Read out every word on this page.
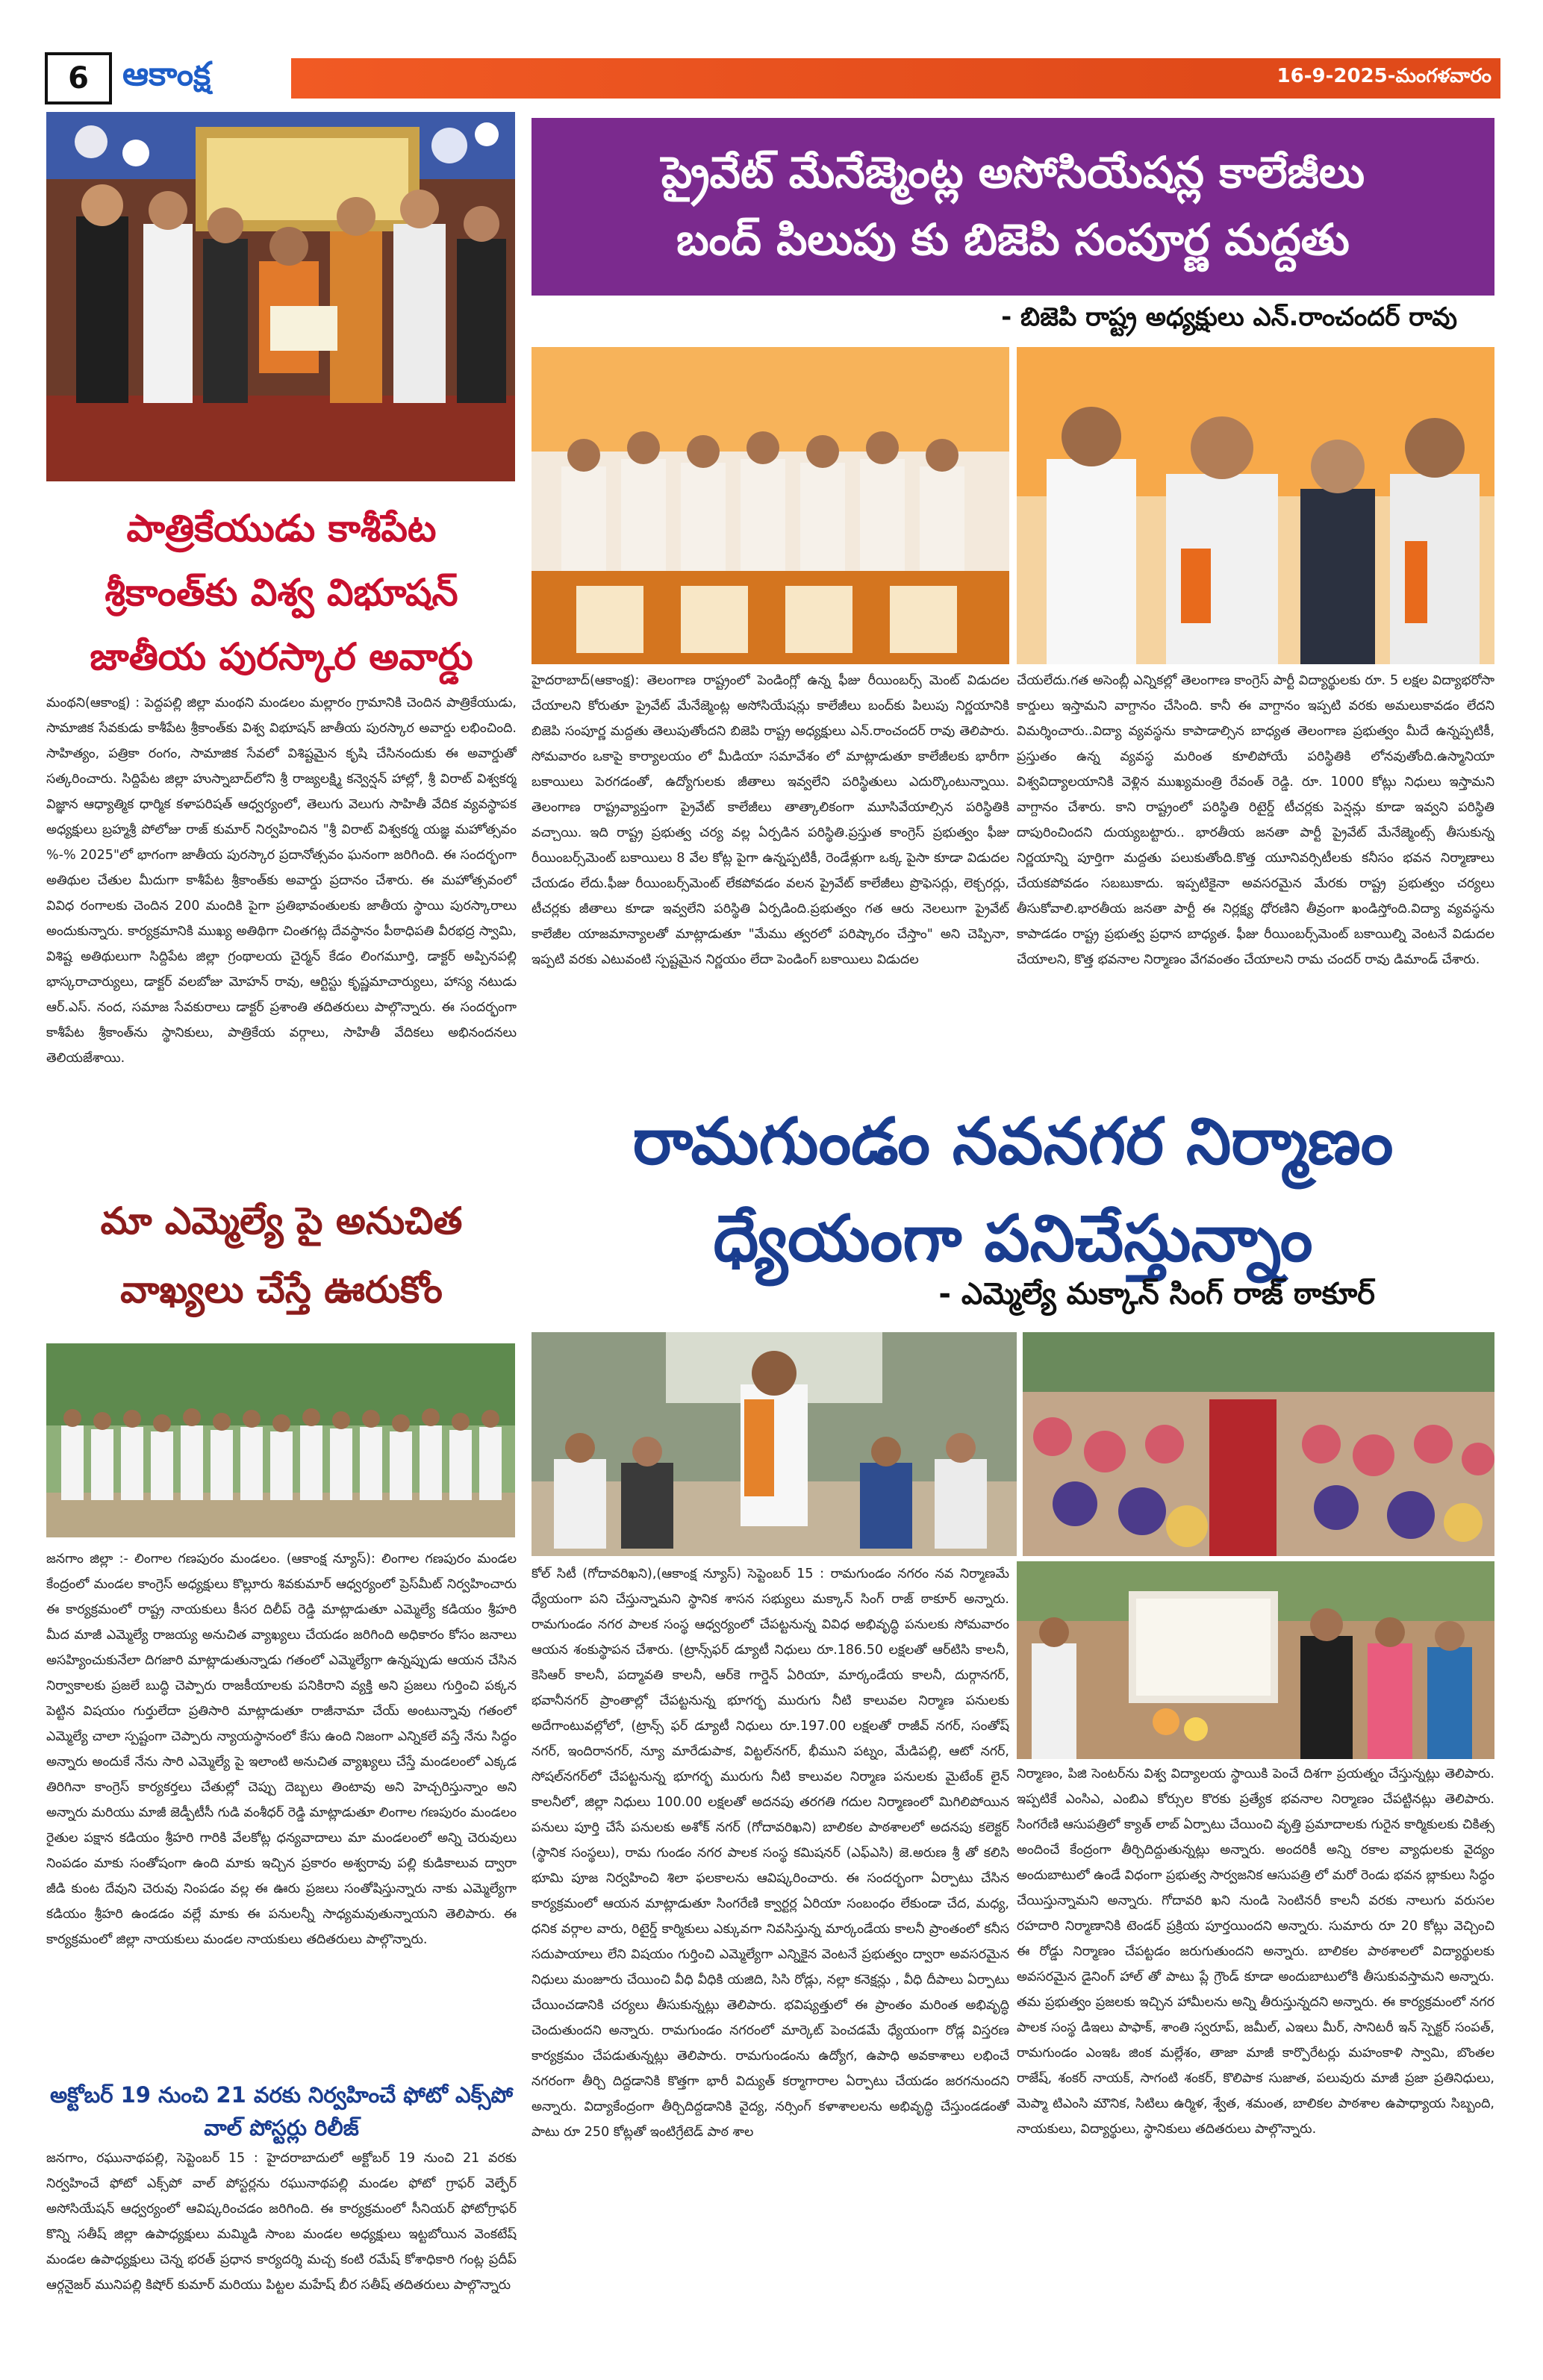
6	ఆకాంక్ష	16-9-2025-మంగళవారం
పాత్రికేయుడు కాశీపేట
శ్రీకాంత్‌కు విశ్వ విభూషన్
జాతీయ పురస్కార అవార్డు
మంథని(ఆకాంక్ష) : పెద్దపల్లి జిల్లా మంథని మండలం మల్లారం గ్రామానికి చెందిన పాత్రికేయుడు, సామాజిక సేవకుడు కాశీపేట శ్రీకాంత్‌కు విశ్వ విభూషన్ జాతీయ పురస్కార అవార్డు లభించింది. సాహిత్యం, పత్రికా రంగం, సామాజిక సేవలో విశిష్టమైన కృషి చేసినందుకు ఈ అవార్డుతో సత్కరించారు. సిద్దిపేట జిల్లా హుస్నాబాద్‌లోని శ్రీ రాజ్యలక్ష్మి కన్వెన్షన్ హాల్లో, శ్రీ విరాట్ విశ్వకర్మ విజ్ఞాన ఆధ్యాత్మిక ధార్మిక కళాపరిషత్ ఆధ్వర్యంలో, తెలుగు వెలుగు సాహితీ వేదిక వ్యవస్థాపక అధ్యక్షులు బ్రహ్మశ్రీ పోలోజు రాజ్ కుమార్ నిర్వహించిన "శ్రీ విరాట్ విశ్వకర్మ యజ్ఞ మహోత్సవం %-% 2025"లో భాగంగా జాతీయ పురస్కార ప్రదానోత్సవం ఘనంగా జరిగింది. ఈ సందర్భంగా అతిథుల చేతుల మీదుగా కాశీపేట శ్రీకాంత్‌కు అవార్డు ప్రదానం చేశారు. ఈ మహోత్సవంలో వివిధ రంగాలకు చెందిన 200 మందికి పైగా ప్రతిభావంతులకు జాతీయ స్థాయి పురస్కారాలు అందుకున్నారు. కార్యక్రమానికి ముఖ్య అతిథిగా చింతగట్ల దేవస్థానం పీఠాధిపతి వీరభద్ర స్వామి, విశిష్ట అతిథులుగా సిద్దిపేట జిల్లా గ్రంథాలయ చైర్మన్ కేడం లింగమూర్తి, డాక్టర్ అప్పినపల్లి భాస్కరాచార్యులు, డాక్టర్ వలబోజు మోహన్ రావు, ఆర్టిస్టు కృష్ణమాచార్యులు, హాస్య నటుడు ఆర్.ఎస్. నంద, సమాజ సేవకురాలు డాక్టర్ ప్రశాంతి తదితరులు పాల్గొన్నారు. ఈ సందర్భంగా కాశీపేట శ్రీకాంత్‌ను స్థానికులు, పాత్రికేయ వర్గాలు, సాహితీ వేదికలు అభినందనలు తెలియజేశాయి.
మా ఎమ్మెల్యే పై అనుచిత
వాఖ్యలు చేస్తే ఊరుకోం
జనగాం జిల్లా :- లింగాల గణపురం మండలం. (ఆకాంక్ష న్యూస్): లింగాల గణపురం మండల కేంద్రంలో మండల కాంగ్రెస్ అధ్యక్షులు కొల్లూరు శివకుమార్ ఆధ్వర్యంలో ప్రెస్‌మీట్ నిర్వహించారు ఈ కార్యక్రమంలో రాష్ట్ర నాయకులు కీసర దిలీప్ రెడ్డి మాట్లాడుతూ ఎమ్మెల్యే కడియం శ్రీహరి మీద మాజీ ఎమ్మెల్యే రాజయ్య అనుచిత వ్యాఖ్యలు చేయడం జరిగింది అధికారం కోసం జనాలు అసహ్యించుకునేలా దిగజారి మాట్లాడుతున్నాడు గతంలో ఎమ్మెల్యేగా ఉన్నప్పుడు ఆయన చేసిన నిర్వాకాలకు ప్రజలే బుద్ధి చెప్పారు రాజకీయాలకు పనికిరాని వ్యక్తి అని ప్రజలు గుర్తించి పక్కన పెట్టిన విషయం గుర్తులేదా ప్రతిసారి మాట్లాడుతూ రాజీనామా చేయ్ అంటున్నావు గతంలో ఎమ్మెల్యే చాలా స్పష్టంగా చెప్పారు న్యాయస్థానంలో కేసు ఉంది నిజంగా ఎన్నికలే వస్తే నేను సిద్ధం అన్నారు అందుకే నేను సారి ఎమ్మెల్యే పై ఇలాంటి అనుచిత వ్యాఖ్యలు చేస్తే మండలంలో ఎక్కడ తిరిగినా కాంగ్రెస్ కార్యకర్తలు చేతుల్లో చెప్పు దెబ్బలు తింటావు అని హెచ్చరిస్తున్నాం అని అన్నారు మరియు మాజీ జెడ్పీటీసీ గుడి వంశీధర్ రెడ్డి మాట్లాడుతూ లింగాల గణపురం మండలం రైతుల పక్షాన కడియం శ్రీహరి గారికి వేలకోట్ల ధన్యవాదాలు మా మండలంలో అన్ని చెరువులు నింపడం మాకు సంతోషంగా ఉంది మాకు ఇచ్చిన ప్రకారం అశ్వరావు పల్లి కుడికాలువ ద్వారా జీడి కుంట దేవుని చెరువు నింపడం వల్ల ఈ ఊరు ప్రజలు సంతోషిస్తున్నారు నాకు ఎమ్మెల్యేగా కడియం శ్రీహరి ఉండడం వల్లే మాకు ఈ పనులన్నీ సాధ్యమవుతున్నాయని తెలిపారు. ఈ కార్యక్రమంలో జిల్లా నాయకులు మండల నాయకులు తదితరులు పాల్గొన్నారు.
అక్టోబర్ 19 నుంచి 21 వరకు నిర్వహించే ఫోటో ఎక్స్‌పో వాల్ పోస్టర్లు రిలీజ్
జనగాం, రఘునాథపల్లి, సెప్టెంబర్ 15 : హైదరాబాదులో అక్టోబర్ 19 నుంచి 21 వరకు నిర్వహించే ఫోటో ఎక్స్‌పో వాల్ పోస్టర్లను రఘునాథపల్లి మండల ఫోటో గ్రాఫర్ వెల్ఫేర్ అసోసియేషన్ ఆధ్వర్యంలో ఆవిష్కరించడం జరిగింది. ఈ కార్యక్రమంలో సీనియర్ ఫోటోగ్రాఫర్ కొన్ని సతీష్ జిల్లా ఉపాధ్యక్షులు మమ్మిడి సాంబ మండల అధ్యక్షులు ఇట్టబోయిన వెంకటేష్ మండల ఉపాధ్యక్షులు చెన్న భరత్ ప్రధాన కార్యదర్శి మచ్చ కంటి రమేష్ కోశాధికారి గంట్ల ప్రదీప్ ఆర్గనైజర్ మునిపల్లి కిషోర్ కుమార్ మరియు పిట్టల మహేష్ బీర సతీష్ తదితరులు పాల్గొన్నారు
ప్రైవేట్ మేనేజ్మెంట్ల అసోసియేషన్ల కాలేజీలు
బంద్ పిలుపు కు బిజెపి సంపూర్ణ మద్దతు
- బిజెపి రాష్ట్ర అధ్యక్షులు ఎన్.రాంచందర్ రావు
హైదరాబాద్(ఆకాంక్ష): తెలంగాణ రాష్ట్రంలో పెండింగ్లో ఉన్న ఫీజు రీయింబర్స్ మెంట్ విడుదల చేయాలని కోరుతూ ప్రైవేట్ మేనేజ్మెంట్ల అసోసియేషన్లు కాలేజీలు బంద్‌కు పిలుపు నిర్ణయానికి బిజెపి సంపూర్ణ మద్దతు తెలుపుతోందని బిజెపి రాష్ట్ర అధ్యక్షులు ఎన్.రాంచందర్ రావు తెలిపారు. సోమవారం ఒకాపై కార్యాలయం లో మీడియా సమావేశం లో మాట్లాడుతూ కాలేజీలకు భారీగా బకాయిలు పెరగడంతో, ఉద్యోగులకు జీతాలు ఇవ్వలేని పరిస్థితులు ఎదుర్కొంటున్నాయి. తెలంగాణ రాష్ట్రవ్యాప్తంగా ప్రైవేట్ కాలేజీలు తాత్కాలికంగా మూసివేయాల్సిన పరిస్థితికి వచ్చాయి. ఇది రాష్ట్ర ప్రభుత్వ చర్య వల్ల ఏర్పడిన పరిస్థితి.ప్రస్తుత కాంగ్రెస్ ప్రభుత్వం ఫీజు రీయింబర్స్‌మెంట్ బకాయిలు 8 వేల కోట్ల పైగా ఉన్నప్పటికీ, రెండేళ్లుగా ఒక్క పైసా కూడా విడుదల చేయడం లేదు.ఫీజు రీయింబర్స్‌మెంట్ లేకపోవడం వలన ప్రైవేట్ కాలేజీలు ప్రొఫెసర్లు, లెక్చరర్లు, టీచర్లకు జీతాలు కూడా ఇవ్వలేని పరిస్థితి ఏర్పడింది.ప్రభుత్వం గత ఆరు నెలలుగా ప్రైవేట్ కాలేజీల యాజమాన్యాలతో మాట్లాడుతూ "మేము త్వరలో పరిష్కారం చేస్తాం" అని చెప్పినా, ఇప్పటి వరకు ఎటువంటి స్పష్టమైన నిర్ణయం లేదా పెండింగ్ బకాయిలు విడుదల
చేయలేదు.గత అసెంబ్లీ ఎన్నికల్లో తెలంగాణ కాంగ్రెస్ పార్టీ విద్యార్థులకు రూ. 5 లక్షల విద్యాభరోసా కార్డులు ఇస్తామని వాగ్దానం చేసింది. కానీ ఈ వాగ్దానం ఇప్పటి వరకు అమలుకావడం లేదని విమర్శించారు..విద్యా వ్యవస్థను కాపాడాల్సిన బాధ్యత తెలంగాణ ప్రభుత్వం మీదే ఉన్నప్పటికీ, ప్రస్తుతం ఉన్న వ్యవస్థ మరింత కూలిపోయే పరిస్థితికి లోనవుతోంది.ఉస్మానియా విశ్వవిద్యాలయానికి వెళ్లిన ముఖ్యమంత్రి రేవంత్ రెడ్డి. రూ. 1000 కోట్లు నిధులు ఇస్తామని వాగ్దానం చేశారు. కాని రాష్ట్రంలో పరిస్థితి రిటైర్డ్ టీచర్లకు పెన్షన్లు కూడా ఇవ్వని పరిస్థితి దాపురించిందని దుయ్యబట్టారు.. భారతీయ జనతా పార్టీ ప్రైవేట్ మేనేజ్మెంట్స్ తీసుకున్న నిర్ణయాన్ని పూర్తిగా మద్దతు పలుకుతోంది.కొత్త యూనివర్సిటీలకు కనీసం భవన నిర్మాణాలు చేయకపోవడం సబబుకాదు. ఇప్పటికైనా అవసరమైన మేరకు రాష్ట్ర ప్రభుత్వం చర్యలు తీసుకోవాలి.భారతీయ జనతా పార్టీ ఈ నిర్లక్ష్య ధోరణిని తీవ్రంగా ఖండిస్తోంది.విద్యా వ్యవస్థను కాపాడడం రాష్ట్ర ప్రభుత్వ ప్రధాన బాధ్యత. ఫీజు రీయింబర్స్‌మెంట్ బకాయిల్ని వెంటనే విడుదల చేయాలని, కొత్త భవనాల నిర్మాణం వేగవంతం చేయాలని రామ చందర్ రావు డిమాండ్ చేశారు.
రామగుండం నవనగర నిర్మాణం
ధ్యేయంగా పనిచేస్తున్నాం
- ఎమ్మెల్యే మక్కాన్ సింగ్ రాజ్ ఠాకూర్
కోల్ సిటీ (గోదావరిఖని),(ఆకాంక్ష న్యూస్) సెప్టెంబర్ 15 : రామగుండం నగరం నవ నిర్మాణమే ధ్యేయంగా పని చేస్తున్నామని స్థానిక శాసన సభ్యులు మక్కాన్ సింగ్ రాజ్ ఠాకూర్ అన్నారు. రామగుండం నగర పాలక సంస్థ ఆధ్వర్యంలో చేపట్టనున్న వివిధ అభివృద్ధి పనులకు సోమవారం ఆయన శంకుస్థాపన చేశారు. (ట్రాన్స్‌ఫర్ డ్యూటీ నిధులు రూ.186.50 లక్షలతో ఆర్‌టిసి కాలనీ, కెసిఆర్ కాలనీ, పద్మావతి కాలనీ, ఆర్‌కె గార్డెన్ ఏరియా, మార్కండేయ కాలనీ, దుర్గానగర్, భవానీనగర్ ప్రాంతాల్లో చేపట్టనున్న భూగర్భ మురుగు నీటి కాలువల నిర్మాణ పనులకు అదేగాంటువల్లోలో, (ట్రాన్స్ ఫర్ డ్యూటీ నిధులు రూ.197.00 లక్షలతో రాజీవ్ నగర్, సంతోష్ నగర్, ఇందిరానగర్, న్యూ మారేడుపాక, విట్టల్‌నగర్, భీముని పట్నం, మేడిపల్లి, ఆటో నగర్, సోషల్‌నగర్‌లో చేపట్టనున్న భూగర్భ మురుగు నీటి కాలువల నిర్మాణ పనులకు మైటేంక్ లైన్ కాలనీలో, జిల్లా నిధులు 100.00 లక్షలతో అదనపు తరగతి గదుల నిర్మాణంలో మిగిలిపోయిన పనులు పూర్తి చేసే పనులకు అశోక్ నగర్ (గోదావరిఖని) బాలికల పాఠశాలలో అదనపు కలెక్టర్ (స్థానిక సంస్థలు), రామ గుండం నగర పాలక సంస్థ కమిషనర్ (ఎఫ్‌ఎసి) జె.అరుణ శ్రీ తో కలిసి భూమి పూజ నిర్వహించి శిలా ఫలకాలను ఆవిష్కరించారు. ఈ సందర్భంగా ఏర్పాటు చేసిన కార్యక్రమంలో ఆయన మాట్లాడుతూ సింగరేణి క్వార్టర్ల ఏరియా సంబంధం లేకుండా చేద, మధ్య, ధనిక వర్గాల వారు, రిటైర్డ్ కార్మికులు ఎక్కువగా నివసిస్తున్న మార్కండేయ కాలనీ ప్రాంతంలో కనీస సదుపాయాలు లేని విషయం గుర్తించి ఎమ్మెల్యేగా ఎన్నికైన వెంటనే ప్రభుత్వం ద్వారా అవసరమైన నిధులు మంజూరు చేయించి వీధి వీధికి యజిది, సిసి రోడ్లు, నల్లా కనెక్షన్లు , వీధి దీపాలు ఏర్పాటు చేయించడానికి చర్యలు తీసుకున్నట్లు తెలిపారు. భవిష్యత్తులో ఈ ప్రాంతం మరింత అభివృద్ధి చెందుతుందని అన్నారు. రామగుండం నగరంలో మార్కెట్ పెంచడమే ధ్యేయంగా రోడ్ల విస్తరణ కార్యక్రమం చేపడుతున్నట్లు తెలిపారు. రామగుండంను ఉద్యోగ, ఉపాధి అవకాశాలు లభించే నగరంగా తీర్చి దిద్దడానికి కొత్తగా భారీ విద్యుత్ కర్మాగారాల ఏర్పాటు చేయడం జరగనుందని అన్నారు. విద్యాకేంద్రంగా తీర్చిదిద్దడానికి వైద్య, నర్సింగ్ కళాశాలలను అభివృద్ధి చేస్తుండడంతో పాటు రూ 250 కోట్లతో ఇంటిగ్రేటెడ్ పాఠ శాల
నిర్మాణం, పిజి సెంటర్‌ను విశ్వ విద్యాలయ స్థాయికి పెంచే దిశగా ప్రయత్నం చేస్తున్నట్లు తెలిపారు. ఇప్పటికే ఎంసిఎ, ఎంబిఎ కోర్సుల కొరకు ప్రత్యేక భవనాల నిర్మాణం చేపట్టినట్లు తెలిపారు. సింగరేణి ఆసుపత్రిలో క్యాత్ లాబ్ ఏర్పాటు చేయించి వృత్తి ప్రమాదాలకు గురైన కార్మికులకు చికిత్స అందించే కేంద్రంగా తీర్చిదిద్దుతున్నట్లు అన్నారు. అందరికీ అన్ని రకాల వ్యాధులకు వైద్యం అందుబాటులో ఉండే విధంగా ప్రభుత్వ సార్వజనిక ఆసుపత్రి లో మరో రెండు భవన బ్లాకులు సిద్ధం చేయిస్తున్నామని అన్నారు. గోదావరి ఖని నుండి సెంటినరీ కాలనీ వరకు నాలుగు వరుసల రహదారి నిర్మాణానికి టెండర్ ప్రక్రియ పూర్తయిందని అన్నారు. సుమారు రూ 20 కోట్లు వెచ్చించి ఈ రోడ్డు నిర్మాణం చేపట్టడం జరుగుతుందని అన్నారు. బాలికల పాఠశాలలో విద్యార్థులకు అవసరమైన డైనింగ్ హాల్ తో పాటు ప్లే గ్రౌండ్ కూడా అందుబాటులోకి తీసుకువస్తామని అన్నారు. తమ ప్రభుత్వం ప్రజలకు ఇచ్చిన హామీలను అన్ని తీరుస్తున్నదని అన్నారు. ఈ కార్యక్రమంలో నగర పాలక సంస్థ డిఇలు పాఫాక్, శాంతి స్వరూప్, జమీల్, ఎఇలు మీర్, సానిటరీ ఇన్ స్పెక్టర్ సంపత్, రామగుండం ఎంఇఓ జింక మల్లేశం, తాజా మాజీ కార్పొరేటర్లు మహంకాళి స్వామి, బొంతల రాజేష్, శంకర్ నాయక్, సాగంటి శంకర్, కొలిపాక సుజాత, పలువురు మాజీ ప్రజా ప్రతినిధులు, మెప్మా టిఎంసి మౌనిక, సిటిలు ఉర్మిళ, శ్వేత, శమంత, బాలికల పాఠశాల ఉపాధ్యాయ సిబ్బంది, నాయకులు, విద్యార్థులు, స్థానికులు తదితరులు పాల్గొన్నారు.
